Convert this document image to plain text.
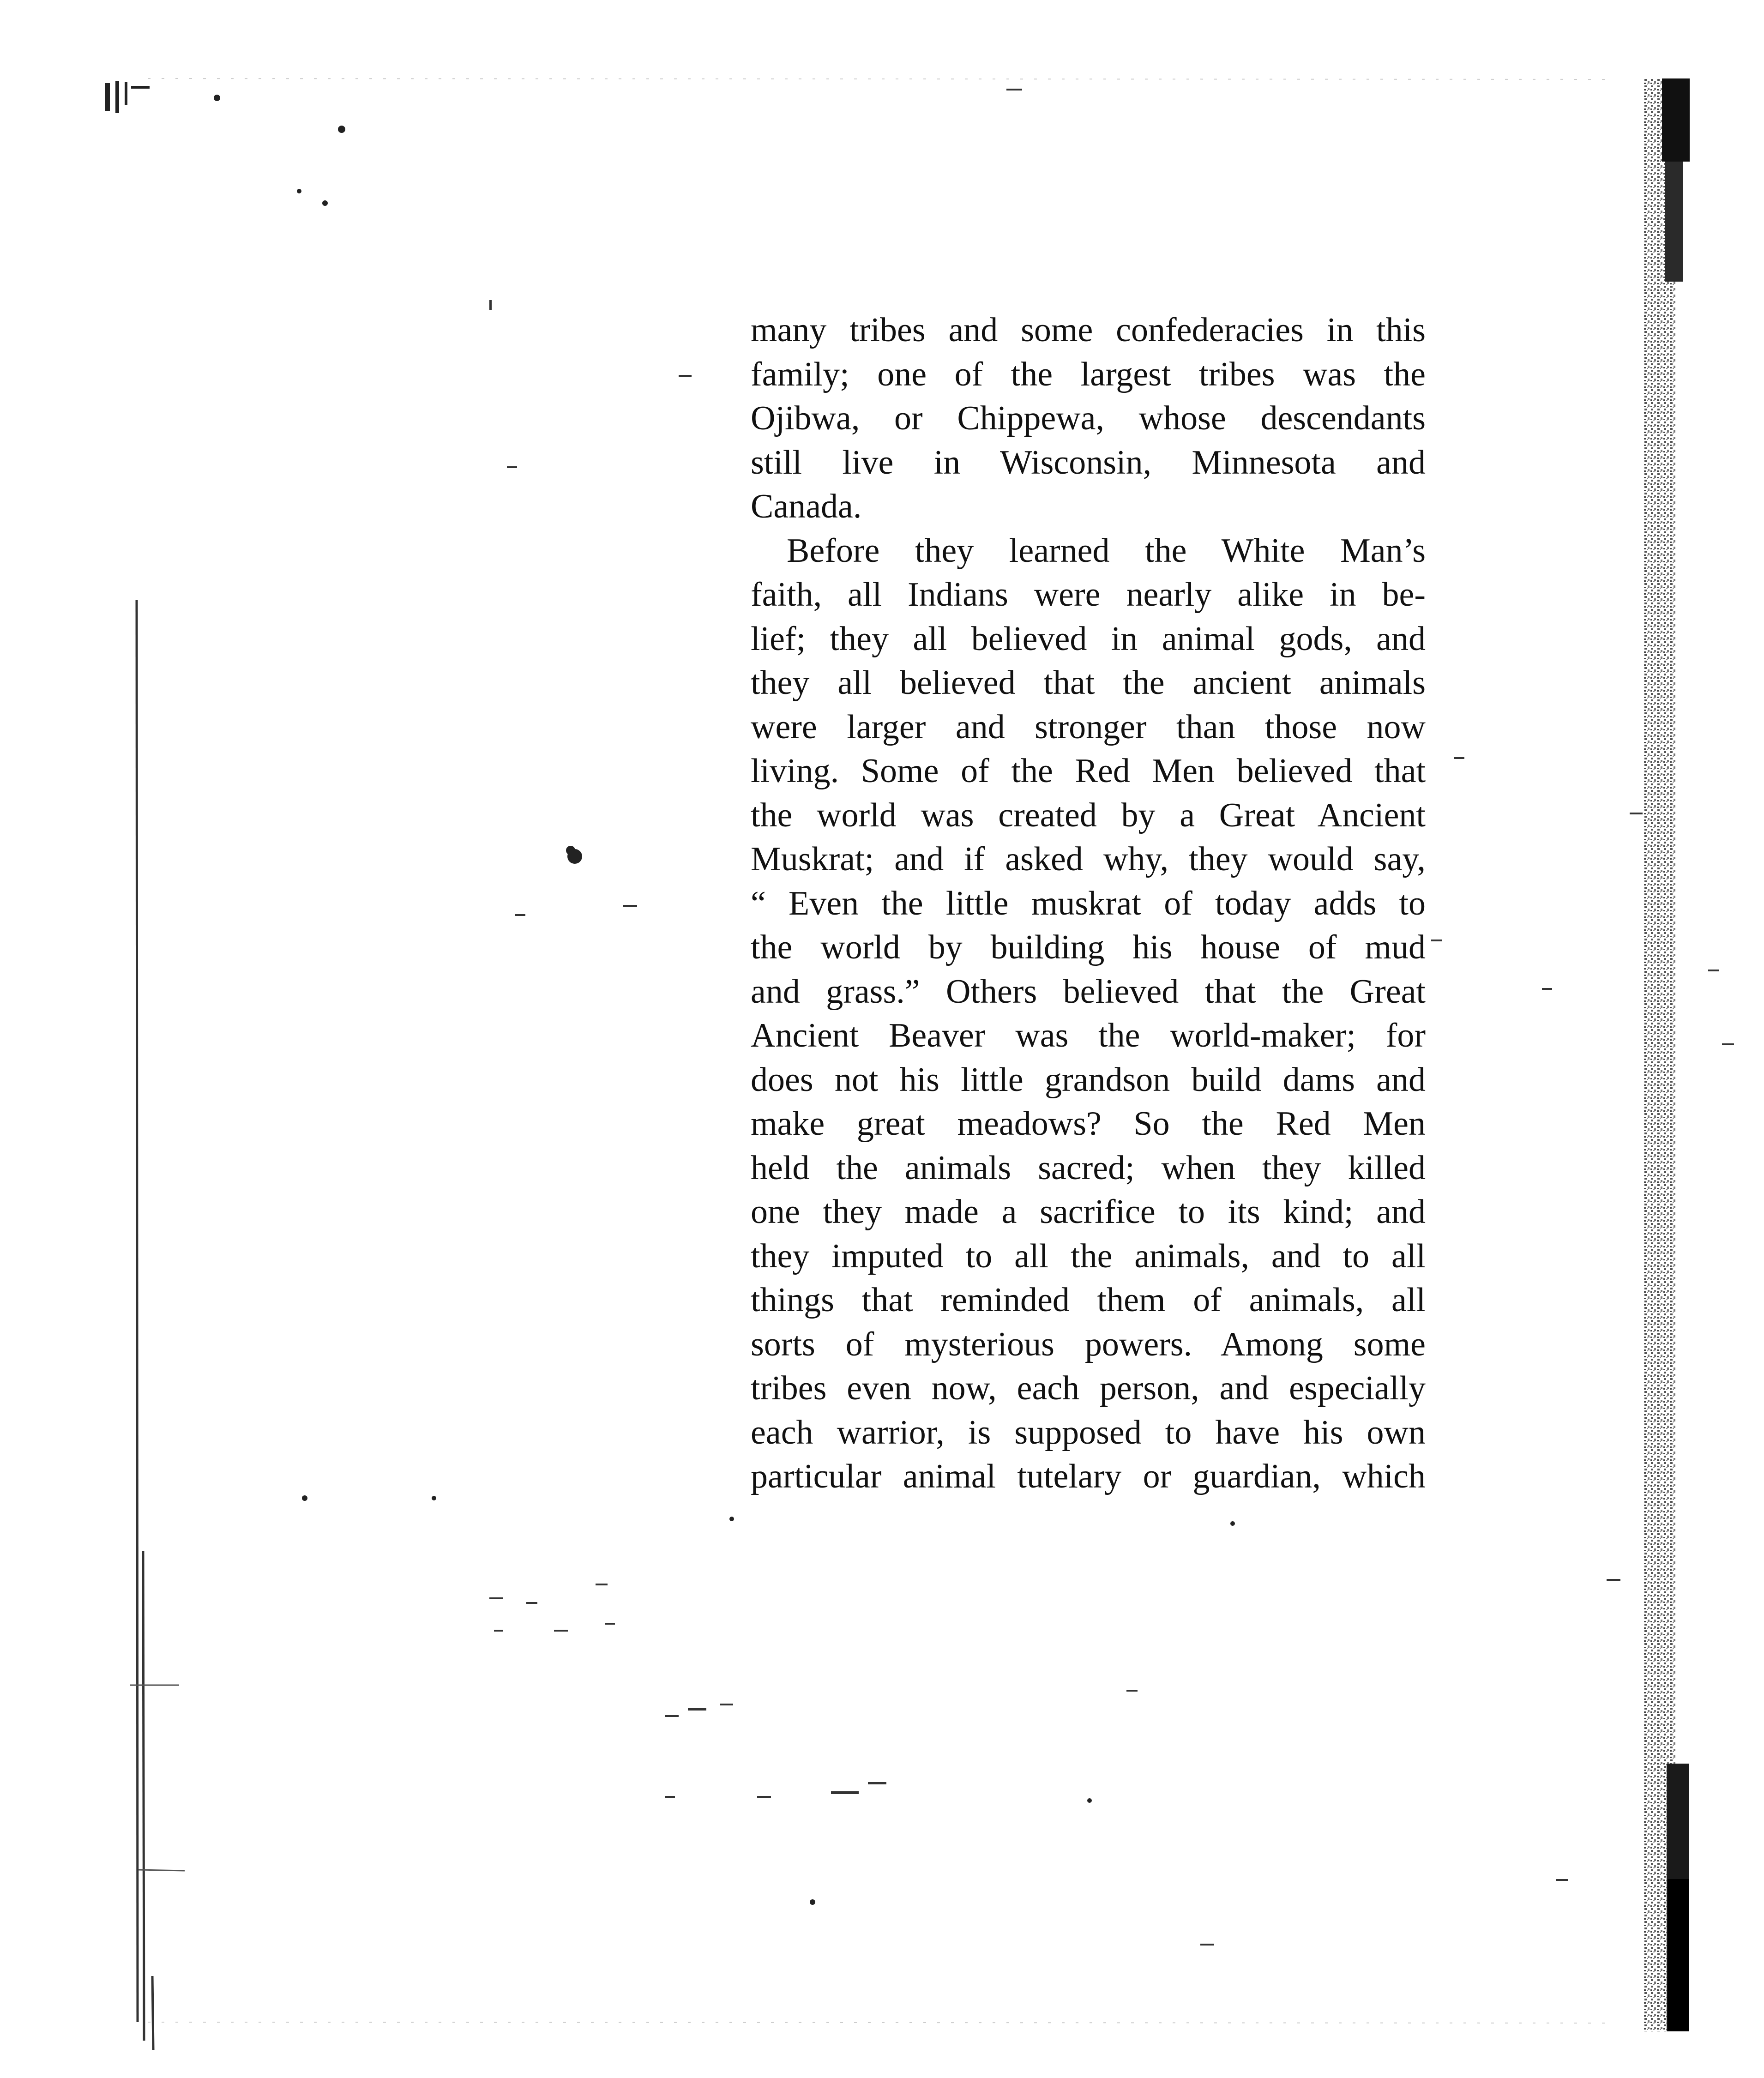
many tribes and some confederacies in this
family; one of the largest tribes was the
Ojibwa, or Chippewa, whose descendants
still live in Wisconsin, Minnesota and
Canada.
Before they learned the White Man’s
faith, all Indians were nearly alike in be-
lief; they all believed in animal gods, and
they all believed that the ancient animals
were larger and stronger than those now
living. Some of the Red Men believed that
the world was created by a Great Ancient
Muskrat; and if asked why, they would say,
“ Even the little muskrat of today adds to
the world by building his house of mud
and grass.” Others believed that the Great
Ancient Beaver was the world-maker; for
does not his little grandson build dams and
make great meadows? So the Red Men
held the animals sacred; when they killed
one they made a sacrifice to its kind; and
they imputed to all the animals, and to all
things that reminded them of animals, all
sorts of mysterious powers. Among some
tribes even now, each person, and especially
each warrior, is supposed to have his own
particular animal tutelary or guardian, which
